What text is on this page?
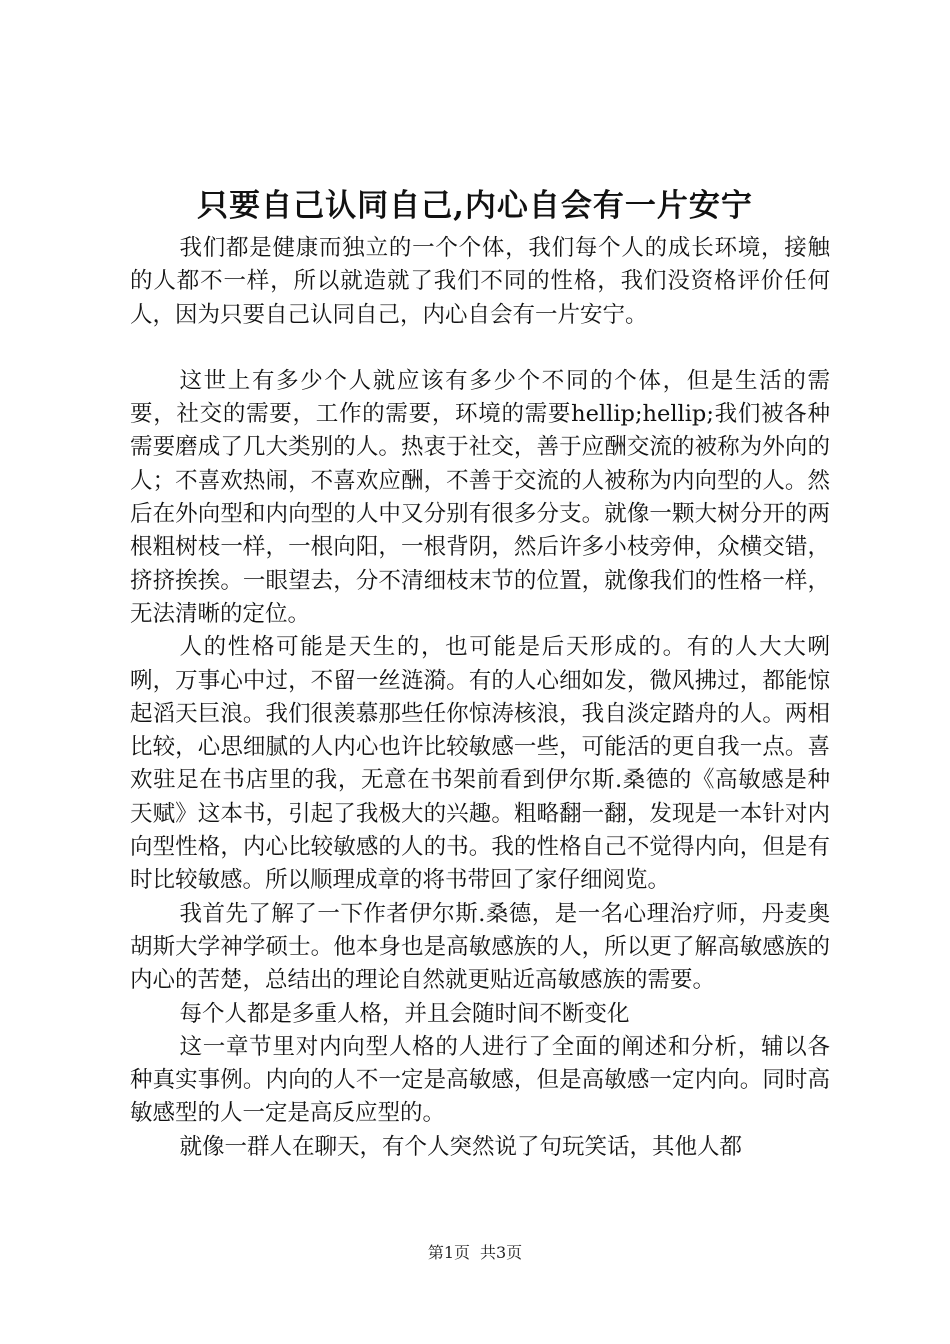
只要自己认同自己,内心自会有一片安宁

我们都是健康而独立的一个个体，我们每个人的成长环境，接触的人都不一样，所以就造就了我们不同的性格，我们没资格评价任何人，因为只要自己认同自己，内心自会有一片安宁。

这世上有多少个人就应该有多少个不同的个体，但是生活的需要，社交的需要，工作的需要，环境的需要hellip;hellip;我们被各种需要磨成了几大类别的人。热衷于社交，善于应酬交流的被称为外向的人；不喜欢热闹，不喜欢应酬，不善于交流的人被称为内向型的人。然后在外向型和内向型的人中又分别有很多分支。就像一颗大树分开的两根粗树枝一样，一根向阳，一根背阴，然后许多小枝旁伸，众横交错，挤挤挨挨。一眼望去，分不清细枝末节的位置，就像我们的性格一样，无法清晰的定位。

人的性格可能是天生的，也可能是后天形成的。有的人大大咧咧，万事心中过，不留一丝涟漪。有的人心细如发，微风拂过，都能惊起滔天巨浪。我们很羡慕那些任你惊涛核浪，我自淡定踏舟的人。两相比较，心思细腻的人内心也许比较敏感一些，可能活的更自我一点。喜欢驻足在书店里的我，无意在书架前看到伊尔斯.桑德的《高敏感是种天赋》这本书，引起了我极大的兴趣。粗略翻一翻，发现是一本针对内向型性格，内心比较敏感的人的书。我的性格自己不觉得内向，但是有时比较敏感。所以顺理成章的将书带回了家仔细阅览。

我首先了解了一下作者伊尔斯.桑德，是一名心理治疗师，丹麦奥胡斯大学神学硕士。他本身也是高敏感族的人，所以更了解高敏感族的内心的苦楚，总结出的理论自然就更贴近高敏感族的需要。

每个人都是多重人格，并且会随时间不断变化

这一章节里对内向型人格的人进行了全面的阐述和分析，辅以各种真实事例。内向的人不一定是高敏感，但是高敏感一定内向。同时高敏感型的人一定是高反应型的。

就像一群人在聊天，有个人突然说了句玩笑话，其他人都

第1页 共3页
